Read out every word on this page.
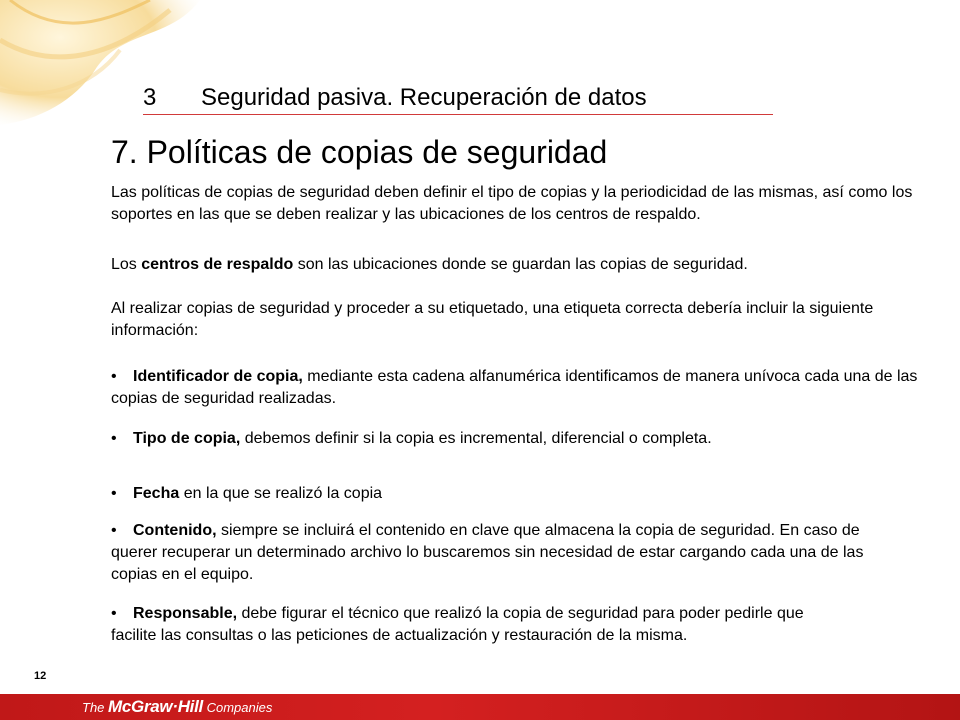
3 Seguridad pasiva. Recuperación de datos
7. Políticas de copias de seguridad
Las políticas de copias de seguridad deben definir el tipo de copias y la periodicidad de las mismas, así como los soportes en las que se deben realizar y las ubicaciones de los centros de respaldo.
Los centros de respaldo son las ubicaciones donde se guardan las copias de seguridad.
Al realizar copias de seguridad y proceder a su etiquetado, una etiqueta correcta debería incluir la siguiente información:
• Identificador de copia, mediante esta cadena alfanumérica identificamos de manera unívoca cada una de las copias de seguridad realizadas.
• Tipo de copia, debemos definir si la copia es incremental, diferencial o completa.
• Fecha en la que se realizó la copia
• Contenido, siempre se incluirá el contenido en clave que almacena la copia de seguridad. En caso de querer recuperar un determinado archivo lo buscaremos sin necesidad de estar cargando cada una de las copias en el equipo.
• Responsable, debe figurar el técnico que realizó la copia de seguridad para poder pedirle que facilite las consultas o las peticiones de actualización y restauración de la misma.
12
The McGraw·Hill Companies
